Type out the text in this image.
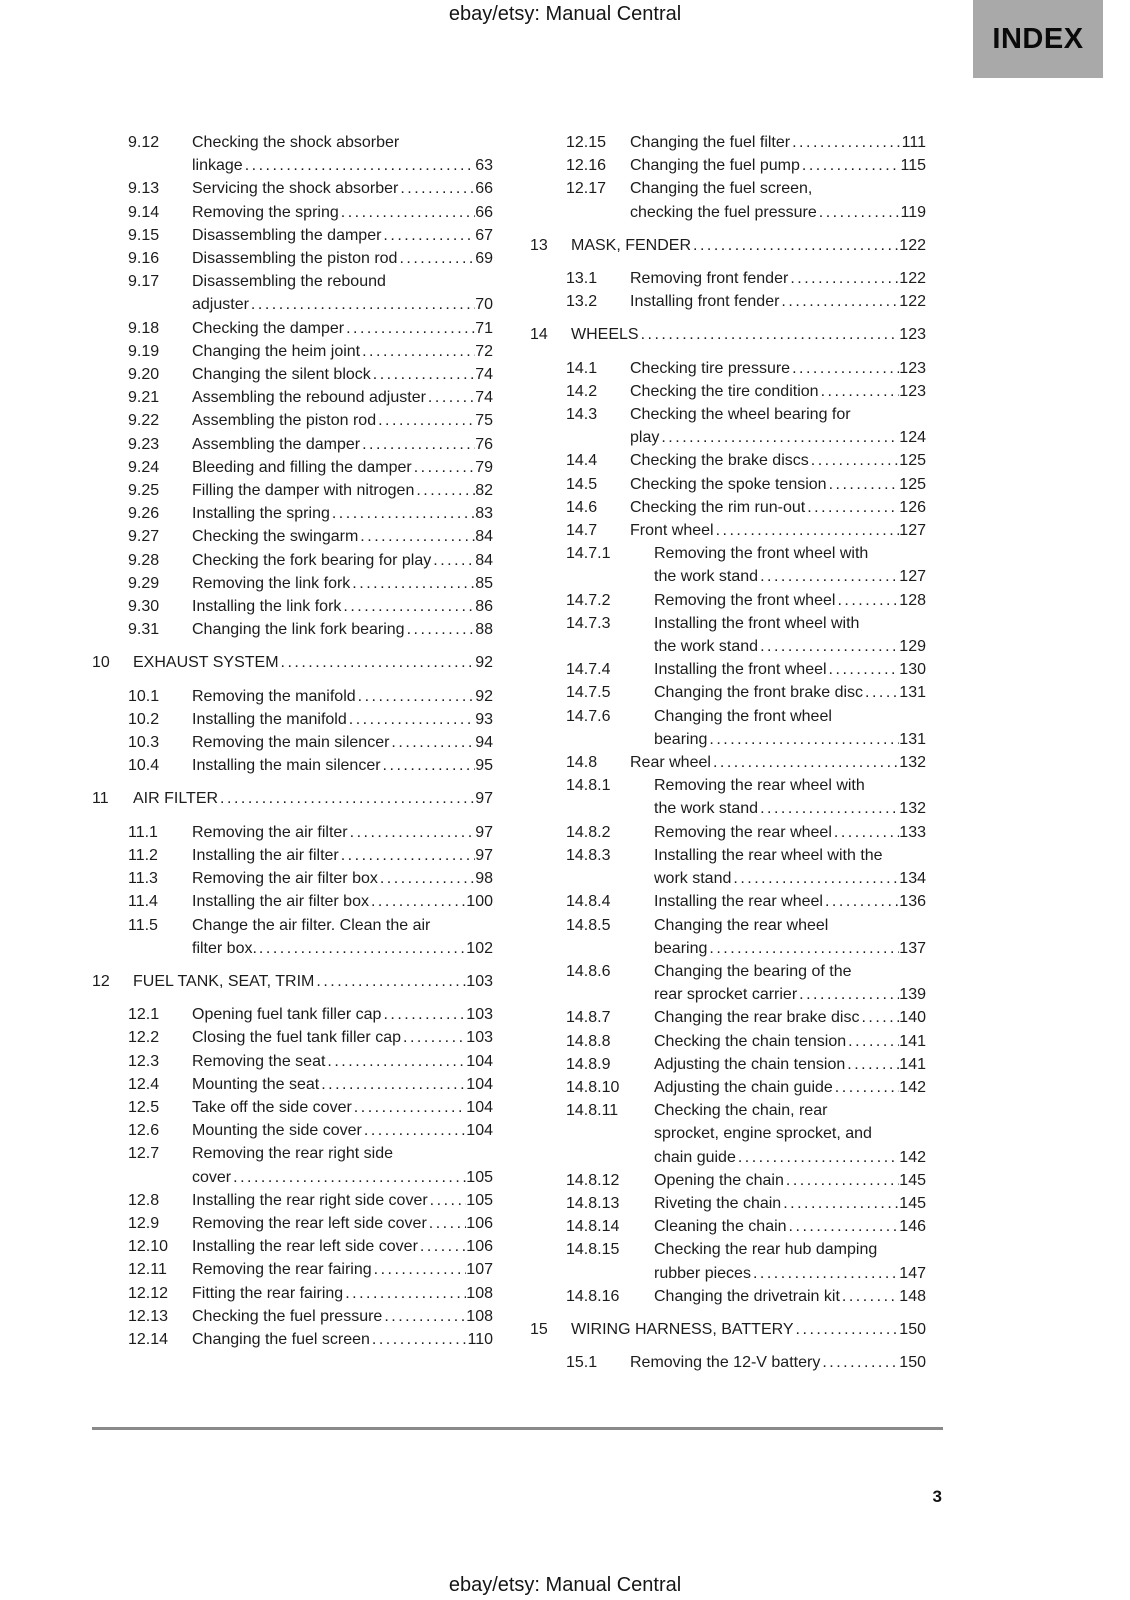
ebay/etsy: Manual Central
INDEX
9.12	Checking the shock absorber
linkage .....	63
9.13	Servicing the shock absorber .....	66
9.14	Removing the spring .....	66
9.15	Disassembling the damper .....	67
9.16	Disassembling the piston rod .....	69
9.17	Disassembling the rebound
adjuster .....	70
9.18	Checking the damper .....	71
9.19	Changing the heim joint .....	72
9.20	Changing the silent block .....	74
9.21	Assembling the rebound adjuster .....	74
9.22	Assembling the piston rod .....	75
9.23	Assembling the damper .....	76
9.24	Bleeding and filling the damper .....	79
9.25	Filling the damper with nitrogen .....	82
9.26	Installing the spring .....	83
9.27	Checking the swingarm .....	84
9.28	Checking the fork bearing for play .....	84
9.29	Removing the link fork .....	85
9.30	Installing the link fork .....	86
9.31	Changing the link fork bearing .....	88
10	EXHAUST SYSTEM .....	92
10.1	Removing the manifold .....	92
10.2	Installing the manifold .....	93
10.3	Removing the main silencer .....	94
10.4	Installing the main silencer .....	95
11	AIR FILTER .....	97
11.1	Removing the air filter .....	97
11.2	Installing the air filter .....	97
11.3	Removing the air filter box .....	98
11.4	Installing the air filter box .....	100
11.5	Change the air filter. Clean the air
filter box. .....	102
12	FUEL TANK, SEAT, TRIM .....	103
12.1	Opening fuel tank filler cap .....	103
12.2	Closing the fuel tank filler cap .....	103
12.3	Removing the seat .....	104
12.4	Mounting the seat .....	104
12.5	Take off the side cover .....	104
12.6	Mounting the side cover .....	104
12.7	Removing the rear right side
cover .....	105
12.8	Installing the rear right side cover ..... 105
12.9	Removing the rear left side cover ..... 106
12.10	Installing the rear left side cover .....	106
12.11	Removing the rear fairing .....	107
12.12	Fitting the rear fairing .....	108
12.13	Checking the fuel pressure .....	108
12.14	Changing the fuel screen .....	110
12.15	Changing the fuel filter .....	111
12.16	Changing the fuel pump .....	115
12.17	Changing the fuel screen,
checking the fuel pressure .....	119
13	MASK, FENDER .....	122
13.1	Removing front fender .....	122
13.2	Installing front fender .....	122
14	WHEELS .....	123
14.1	Checking tire pressure .....	123
14.2	Checking the tire condition .....	123
14.3	Checking the wheel bearing for
play .....	124
14.4	Checking the brake discs .....	125
14.5	Checking the spoke tension .....	125
14.6	Checking the rim run-out .....	126
14.7	Front wheel .....	127
14.7.1	Removing the front wheel with
the work stand .....	127
14.7.2	Removing the front wheel .....	128
14.7.3	Installing the front wheel with
the work stand .....	129
14.7.4	Installing the front wheel .....	130
14.7.5	Changing the front brake disc ..... 131
14.7.6	Changing the front wheel
bearing .....	131
14.8	Rear wheel .....	132
14.8.1	Removing the rear wheel with
the work stand .....	132
14.8.2	Removing the rear wheel .....	133
14.8.3	Installing the rear wheel with the
work stand .....	134
14.8.4	Installing the rear wheel .....	136
14.8.5	Changing the rear wheel
bearing .....	137
14.8.6	Changing the bearing of the
rear sprocket carrier .....	139
14.8.7	Changing the rear brake disc ..... 140
14.8.8	Checking the chain tension .....	141
14.8.9	Adjusting the chain tension .....	141
14.8.10	Adjusting the chain guide .....	142
14.8.11	Checking the chain, rear
sprocket, engine sprocket, and
chain guide .....	142
14.8.12	Opening the chain .....	145
14.8.13	Riveting the chain .....	145
14.8.14	Cleaning the chain .....	146
14.8.15	Checking the rear hub damping
rubber pieces .....	147
14.8.16	Changing the drivetrain kit .....	148
15	WIRING HARNESS, BATTERY .....	150
15.1	Removing the 12-V battery .....	150
3
ebay/etsy: Manual Central
